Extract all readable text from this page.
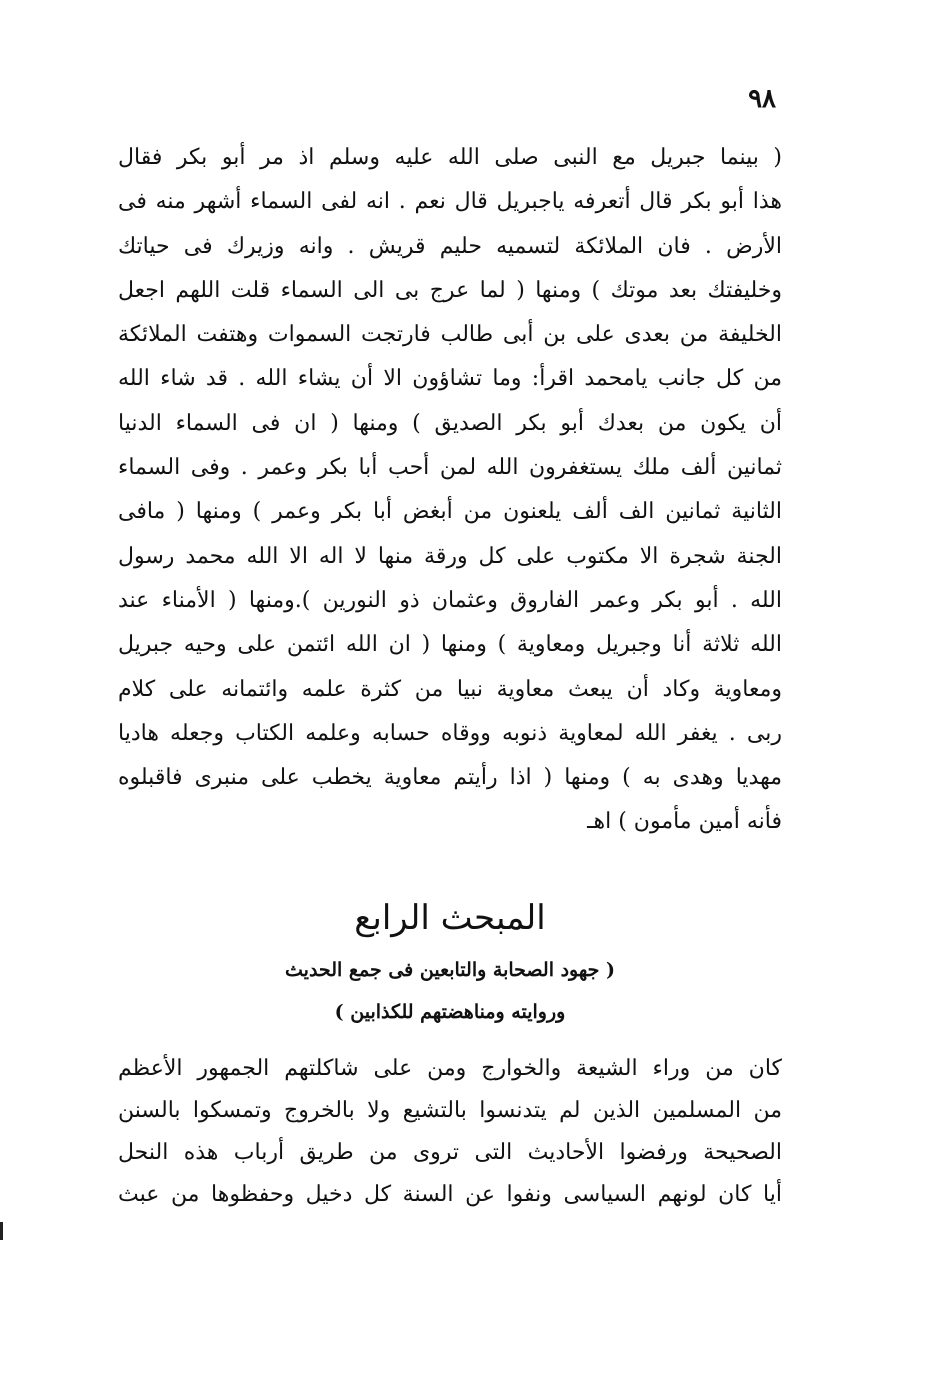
٩٨
( بينما جبريل مع النبى صلى الله عليه وسلم اذ مر أبو بكر فقال
هذا أبو بكر قال أتعرفه ياجبريل قال نعم . انه لفى السماء أشهر منه فى
الأرض . فان الملائكة لتسميه حليم قريش . وانه وزيرك فى حياتك
وخليفتك بعد موتك ) ومنها ( لما عرج بى الى السماء قلت اللهم اجعل
الخليفة من بعدى على بن أبى طالب فارتجت السموات وهتفت الملائكة
من كل جانب يامحمد اقرأ: وما تشاؤون الا أن يشاء الله . قد شاء الله
أن يكون من بعدك أبو بكر الصديق ) ومنها ( ان فى السماء الدنيا
ثمانين ألف ملك يستغفرون الله لمن أحب أبا بكر وعمر . وفى السماء
الثانية ثمانين الف ألف يلعنون من أبغض أبا بكر وعمر ) ومنها ( مافى
الجنة شجرة الا مكتوب على كل ورقة منها لا اله الا الله محمد رسول
الله . أبو بكر وعمر الفاروق وعثمان ذو النورين ).ومنها ( الأمناء عند
الله ثلاثة أنا وجبريل ومعاوية ) ومنها ( ان الله ائتمن على وحيه جبريل
ومعاوية وكاد أن يبعث معاوية نبيا من كثرة علمه وائتمانه على كلام
ربى . يغفر الله لمعاوية ذنوبه ووقاه حسابه وعلمه الكتاب وجعله هاديا
مهديا وهدى به ) ومنها ( اذا رأيتم معاوية يخطب على منبرى فاقبلوه
فأنه أمين مأمون ) اهـ
المبحث الرابع
( جهود الصحابة والتابعين فى جمع الحديث
وروايته ومناهضتهم للكذابين )
كان من وراء الشيعة والخوارج ومن على شاكلتهم الجمهور الأعظم
من المسلمين الذين لم يتدنسوا بالتشيع ولا بالخروج وتمسكوا بالسنن
الصحيحة ورفضوا الأحاديث التى تروى من طريق أرباب هذه النحل
أيا كان لونهم السياسى ونفوا عن السنة كل دخيل وحفظوها من عبث
